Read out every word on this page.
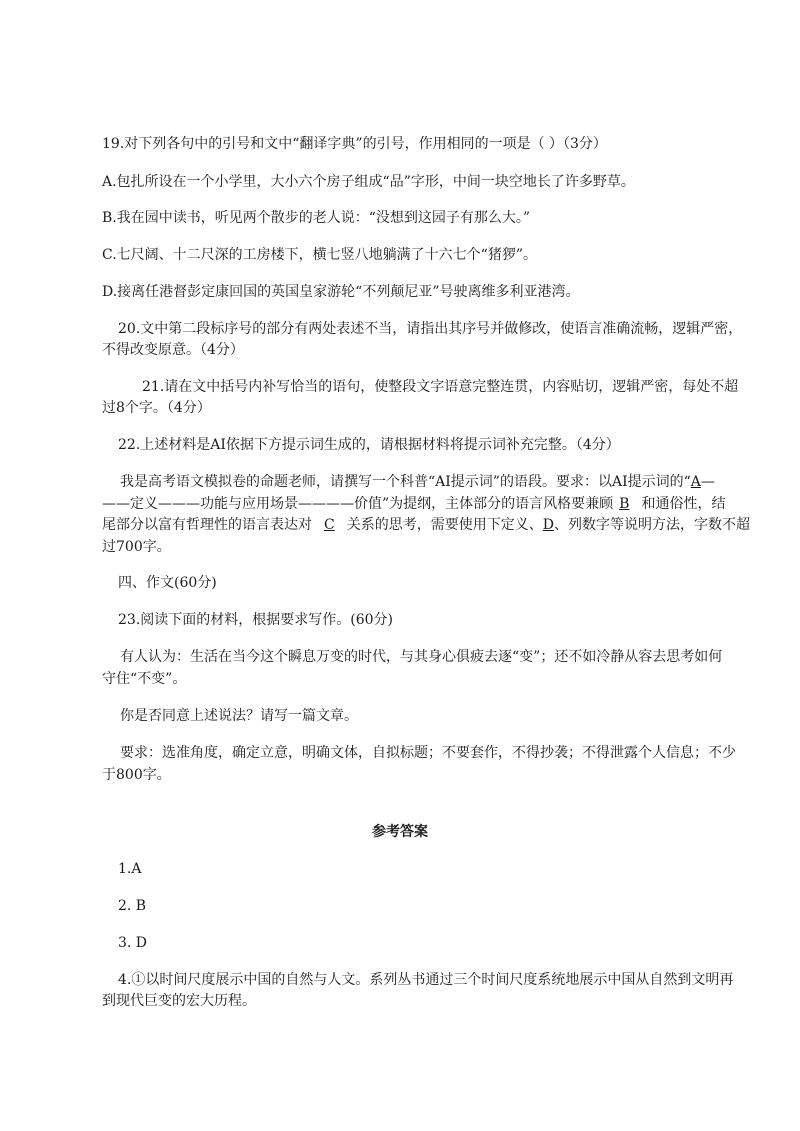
19.对下列各句中的引号和文中“翻译字典”的引号，作用相同的一项是（ ）（3分）
A.包扎所设在一个小学里，大小六个房子组成“品”字形，中间一块空地长了许多野草。
B.我在园中读书，听见两个散步的老人说：“没想到这园子有那么大。”
C.七尺阔、十二尺深的工房楼下，横七竖八地躺满了十六七个“猪猡”。
D.接离任港督彭定康回国的英国皇家游轮“不列颠尼亚”号驶离维多利亚港湾。
20.文中第二段标序号的部分有两处表述不当，请指出其序号并做修改，使语言准确流畅，逻辑严密，
不得改变原意。（4分）
21.请在文中括号内补写恰当的语句，使整段文字语意完整连贯，内容贴切，逻辑严密，每处不超
过8个字。（4分）
22.上述材料是AI依据下方提示词生成的，请根据材料将提示词补充完整。（4分）
我是高考语文模拟卷的命题老师，请撰写一个科普“AI提示词”的语段。要求：以AI提示词的“A—
——定义———功能与应用场景————价值”为提纲，主体部分的语言风格要兼顾 B 和通俗性，结
尾部分以富有哲理性的语言表达对 C 关系的思考，需要使用下定义、D、列数字等说明方法，字数不超
过700字。
四、作文(60分)
23.阅读下面的材料，根据要求写作。(60分)
有人认为：生活在当今这个瞬息万变的时代，与其身心俱疲去逐“变”；还不如冷静从容去思考如何
守住“不变”。
你是否同意上述说法？请写一篇文章。
要求：选准角度，确定立意，明确文体，自拟标题；不要套作，不得抄袭；不得泄露个人信息；不少
于800字。
参考答案
1.A
2. B
3. D
4.①以时间尺度展示中国的自然与人文。系列丛书通过三个时间尺度系统地展示中国从自然到文明再
到现代巨变的宏大历程。
